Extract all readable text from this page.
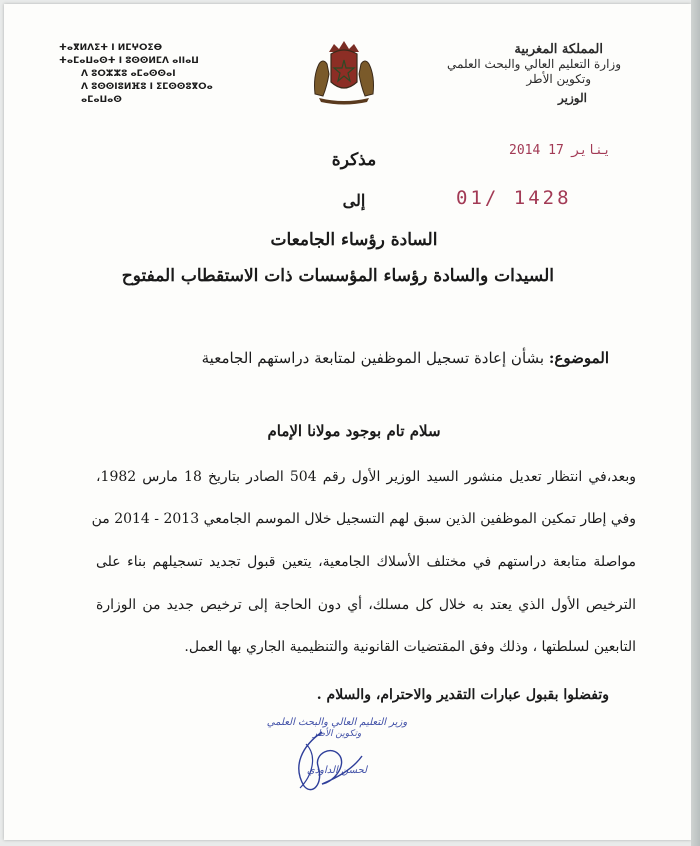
ⵜⴰⴳⵍⴷⵉⵜ ⵏ ⵍⵎⵖⵔⵉⴱ
ⵜⴰⵎⴰⵡⴰⵙⵜ ⵏ ⵓⵙⵙⵍⵎⴷ ⴰⵏⵏⴰⵡ
ⴷ ⵓⵔⵣⵣⵓ ⴰⵎⴰⵙⵙⴰⵏ
ⴷ ⵓⵙⵙⵏⵓⵍⴼⵓ ⵏ ⵉⵎⵙⵙⵓⴳⵔⴰ
ⴰⵎⴰⵡⴰⵙ
المملكة المغربية
وزارة التعليم العالي والبحث العلمي
وتكوين الأطر
الوزير
2014 يناير 17
01/ 1428
مذكرة
إلى
السادة رؤساء الجامعات
السيدات والسادة رؤساء المؤسسات ذات الاستقطاب المفتوح
الموضوع: بشأن إعادة تسجيل الموظفين لمتابعة دراستهم الجامعية
سلام تام بوجود مولانا الإمام
وبعد،في انتظار تعديل منشور السيد الوزير الأول رقم 504 الصادر بتاريخ 18 مارس 1982،
وفي إطار تمكين الموظفين الذين سبق لهم التسجيل خلال الموسم الجامعي 2013 - 2014 من
مواصلة متابعة دراستهم في مختلف الأسلاك الجامعية، يتعين قبول تجديد تسجيلهم بناء على
الترخيص الأول الذي يعتد به خلال كل مسلك، أي دون الحاجة إلى ترخيص جديد من الوزارة
التابعين لسلطتها ، وذلك وفق المقتضيات القانونية والتنظيمية الجاري بها العمل.
وتفضلوا بقبول عبارات التقدير والاحترام، والسلام .
وزير التعليم العالي والبحث العلمي
وتكوين الأطر
لحسن الداودي
